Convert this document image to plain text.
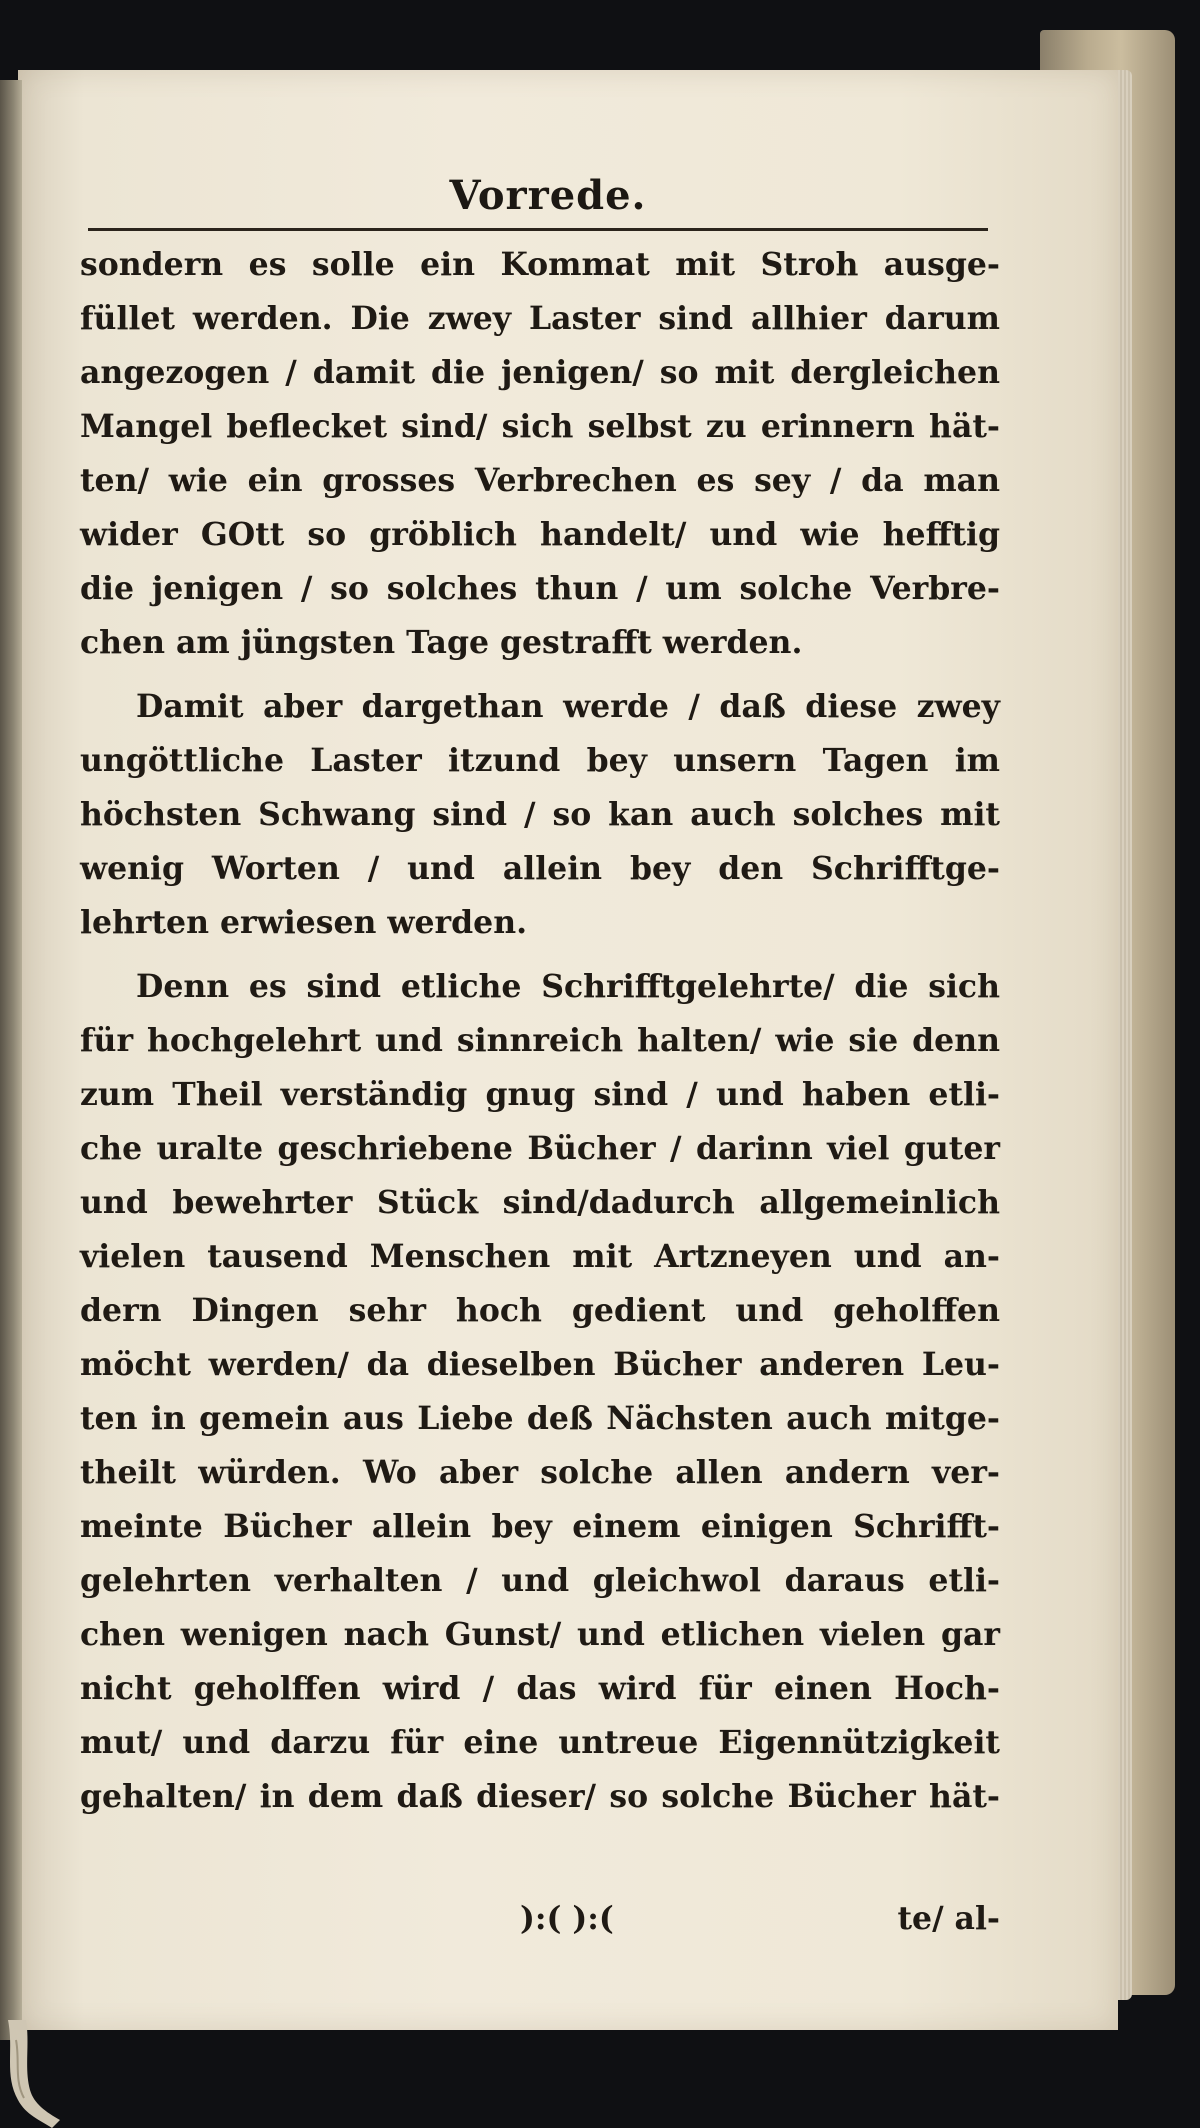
Vorrede.
sondern es solle ein Kommat mit Stroh ausge-
füllet werden. Die zwey Laster sind allhier darum
angezogen / damit die jenigen/ so mit dergleichen
Mangel beflecket sind/ sich selbst zu erinnern hät-
ten/ wie ein grosses Verbrechen es sey / da man
wider GOtt so gröblich handelt/ und wie hefftig
die jenigen / so solches thun / um solche Verbre-
chen am jüngsten Tage gestrafft werden.
Damit aber dargethan werde / daß diese zwey
ungöttliche Laster itzund bey unsern Tagen im
höchsten Schwang sind / so kan auch solches mit
wenig Worten / und allein bey den Schrifftge-
lehrten erwiesen werden.
Denn es sind etliche Schrifftgelehrte/ die sich
für hochgelehrt und sinnreich halten/ wie sie denn
zum Theil verständig gnug sind / und haben etli-
che uralte geschriebene Bücher / darinn viel guter
und bewehrter Stück sind/dadurch allgemeinlich
vielen tausend Menschen mit Artzneyen und an-
dern Dingen sehr hoch gedient und geholffen
möcht werden/ da dieselben Bücher anderen Leu-
ten in gemein aus Liebe deß Nächsten auch mitge-
theilt würden. Wo aber solche allen andern ver-
meinte Bücher allein bey einem einigen Schrifft-
gelehrten verhalten / und gleichwol daraus etli-
chen wenigen nach Gunst/ und etlichen vielen gar
nicht geholffen wird / das wird für einen Hoch-
mut/ und darzu für eine untreue Eigennützigkeit
gehalten/ in dem daß dieser/ so solche Bücher hät-
):( ):(	te/ al-
